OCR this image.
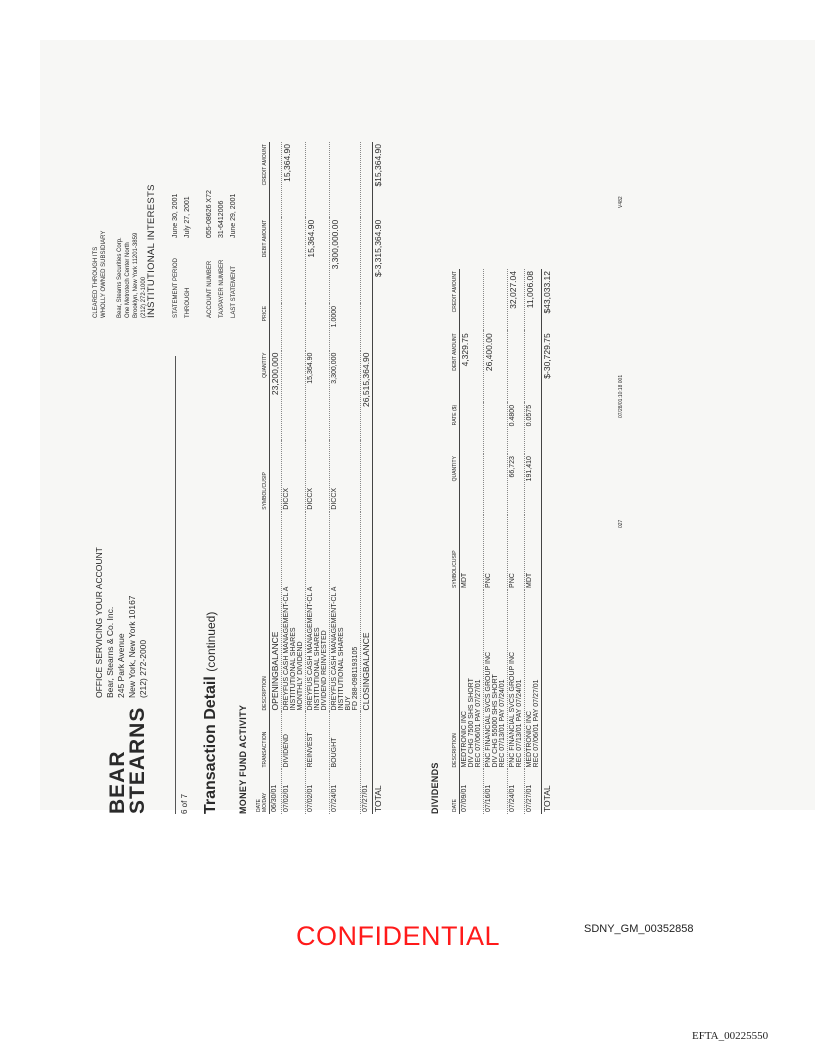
BEAR
STEARNS
OFFICE SERVICING YOUR ACCOUNT Bear, Stearns & Co. Inc. 245 Park Avenue New York, New York 10167 (212) 272-2000
CLEARED THROUGH ITS WHOLLY OWNED SUBSIDIARY
Bear, Stearns Securities Corp. One Metrotech Center North Brooklyn, New York 11201-3859 (212) 272-1000 INSTITUTIONAL INTERESTS
6 of 7
STATEMENT PERIODJune 30, 2001
THROUGHJuly 27, 2001
ACCOUNT NUMBER055-08626 X72
TAXPAYER NUMBER31-6412006
LAST STATEMENTJune 29, 2001
Transaction Detail (continued)
MONEY FUND ACTIVITY DATE
MO/DAY	TRANSACTION	DESCRIPTION	SYMBOL/CUSIP	QUANTITY	PRICE	DEBIT AMOUNT	CREDIT AMOUNT
06/30/01		OPENINGBALANCE		23,200,000			
07/02/01	DIVIDEND	DREYFUS CASH MANAGEMENT-CL A
INSTITUTIONAL SHARES
MONTHLY DIVIDEND	DICCX				15,364.90
07/02/01	REINVEST	DREYFUS CASH MANAGEMENT-CL A
INSTITUTIONAL SHARES
DIVIDEND REINVESTED	DICCX	15,364.90		15,364.90	
07/24/01	BOUGHT	DREYFUS CASH MANAGEMENT-CL A
INSTITUTIONAL SHARES
BUY
FD 288-0981193105	DICCX	3,300,000	1.0000	3,300,000.00	
07/27/01		CLOSINGBALANCE		26,515,364.90			
TOTAL						$-3,315,364.90	$15,364.90
DIVIDENDS DATE	DESCRIPTION	SYMBOL/CUSIP	QUANTITY	RATE ($)	DEBIT AMOUNT	CREDIT AMOUNT
07/09/01	MEDTRONIC INC
DIV CHG 7500 SHS SHORT
REC 07/06/01 PAY 07/27/01	MDT			4,329.75	
07/16/01	PNC FINANCIAL SVCS GROUP INC
DIV CHG 55000 SHS SHORT
REC 07/13/01 PAY 07/24/01	PNC			26,400.00	
07/24/01	PNC FINANCIAL SVCS GROUP INC
REC 07/13/01 PAY 07/24/01	PNC	66,723	0.4800		32,027.04
07/27/01	MEDTRONIC INC
REC 07/06/01 PAY 07/27/01	MDT	191,410	0.0575		11,006.08
TOTAL					$-30,729.75	$43,033.12
027
07/28/01:10:18 001
V482
CONFIDENTIAL	SDNY_GM_00352858
EFTA_00225550
